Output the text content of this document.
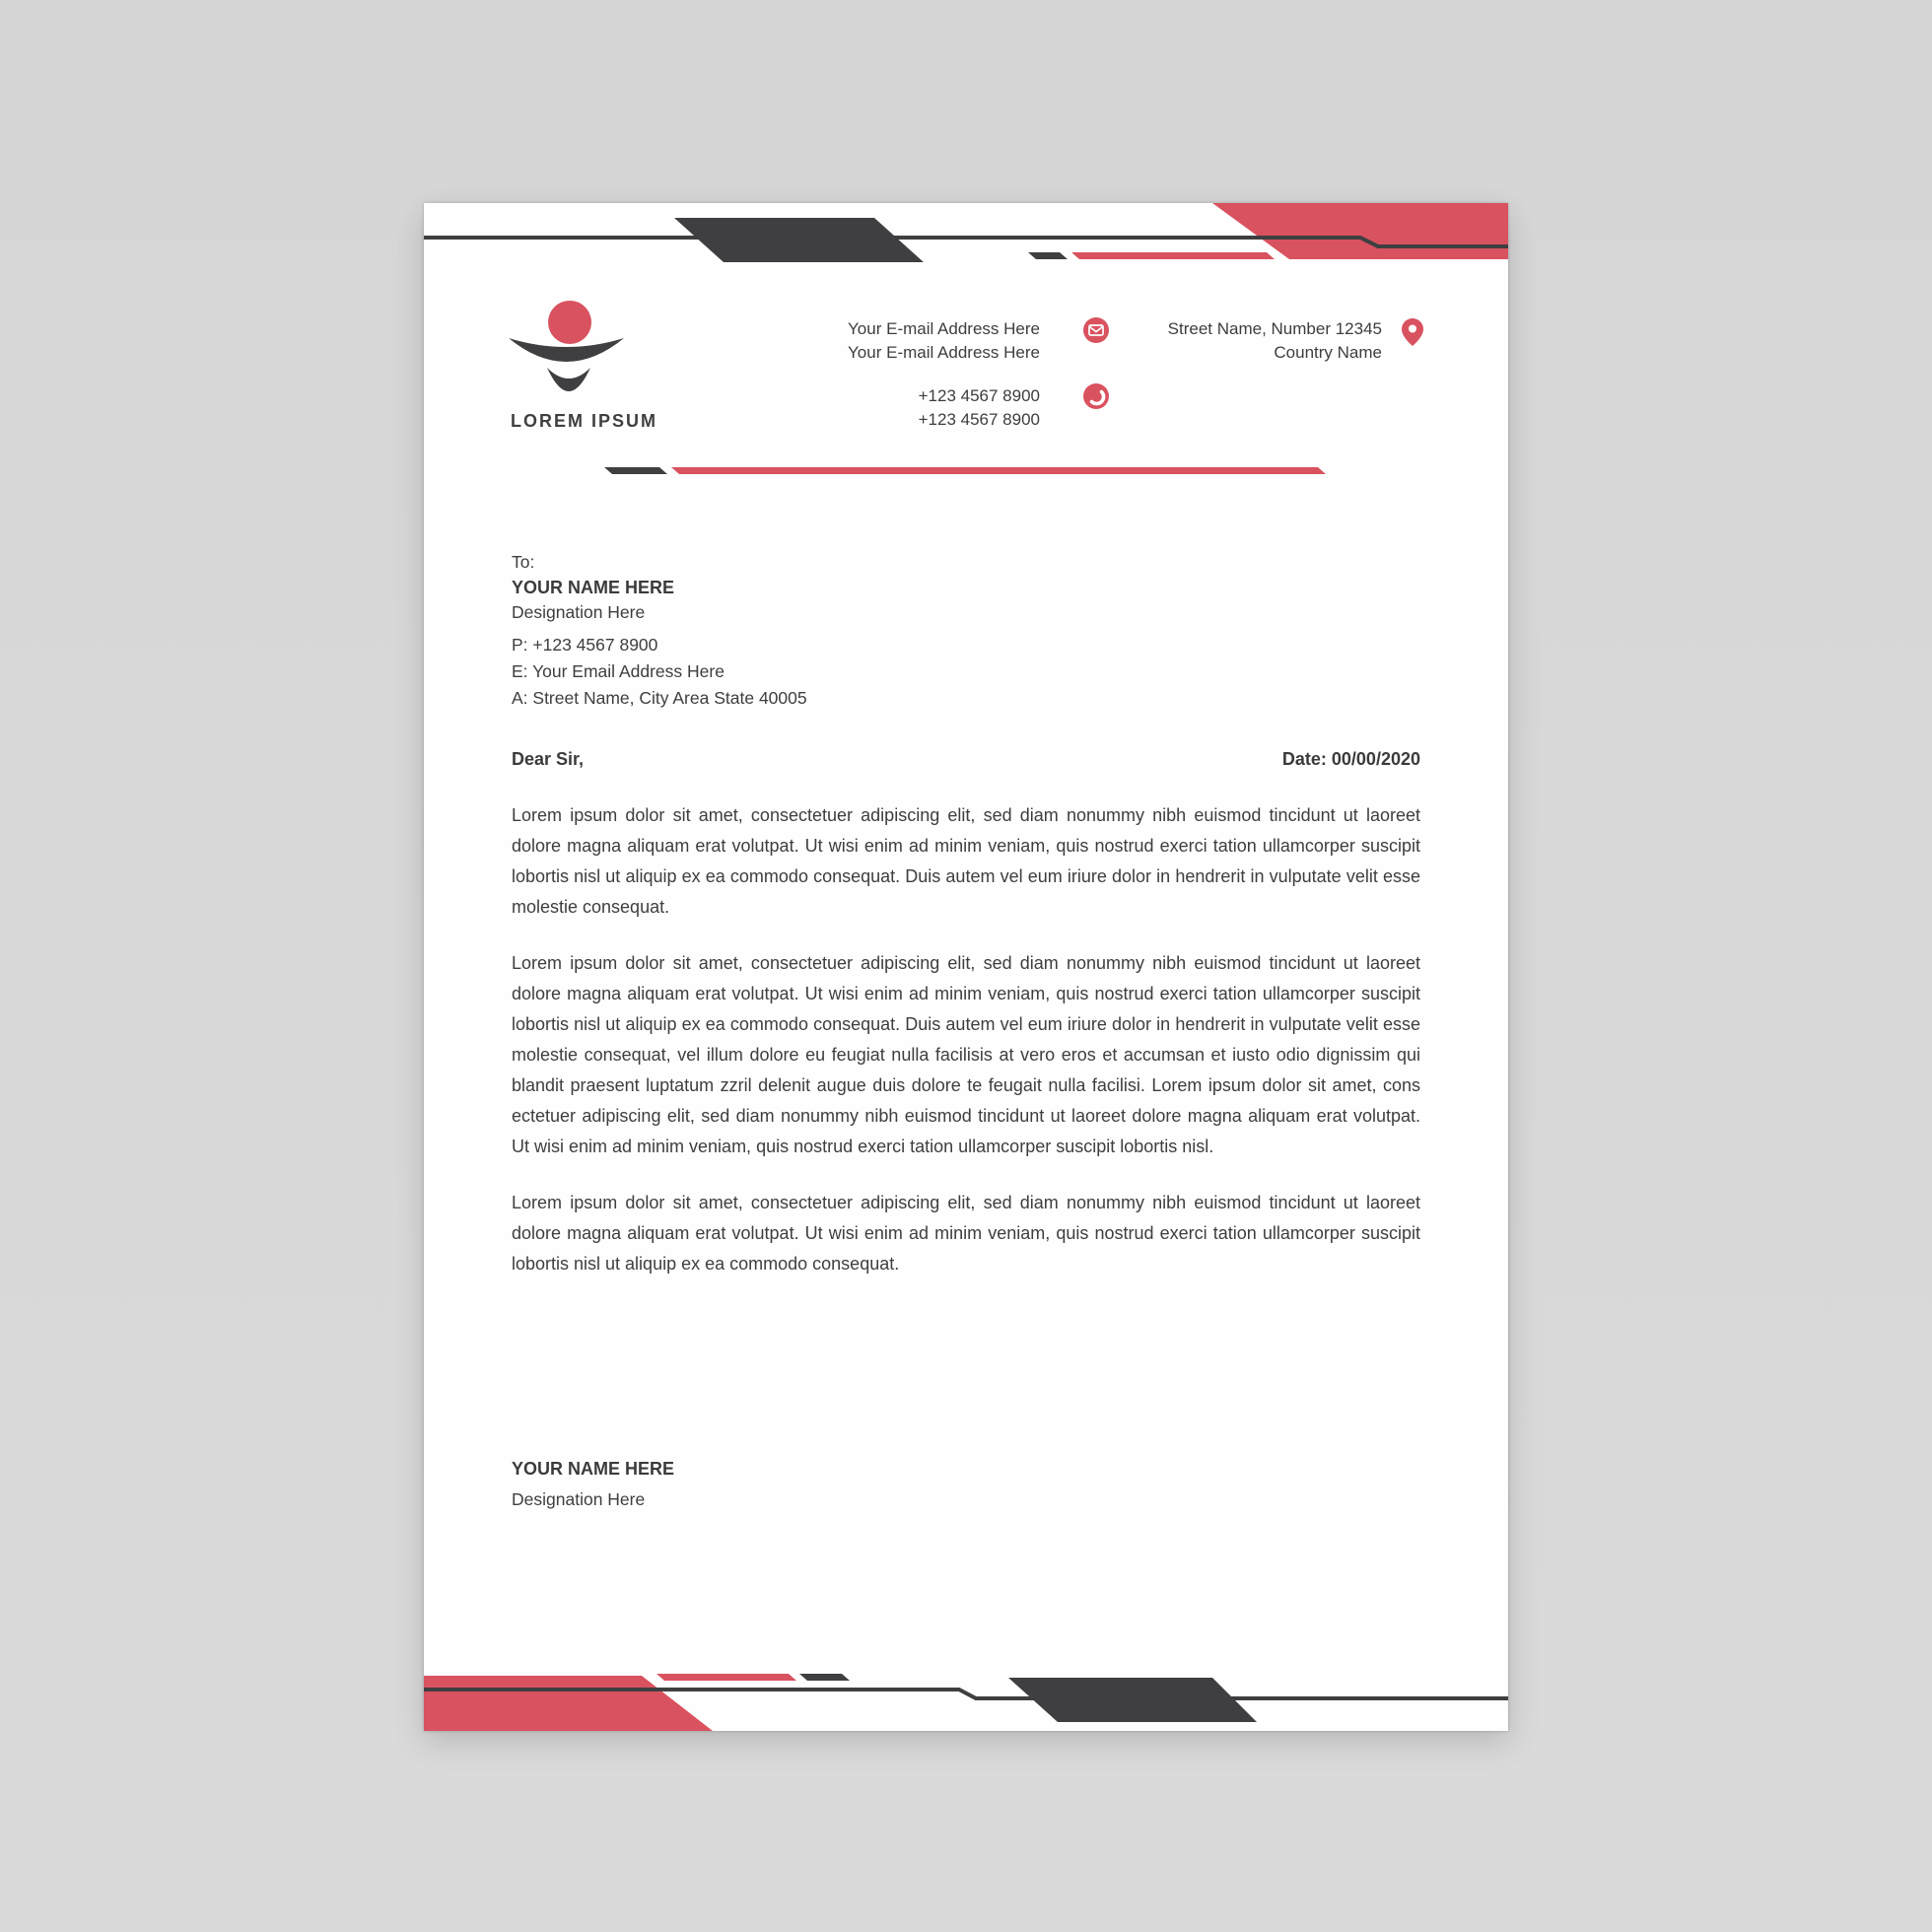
LOREM IPSUM
Your E-mail Address Here
Your E-mail Address Here
+123 4567 8900
+123 4567 8900
Street Name, Number 12345
Country Name
To:
YOUR NAME HERE
Designation Here
P: +123 4567 8900
E: Your Email Address Here
A: Street Name, City Area State 40005
Dear Sir,	Date: 00/00/2020

Lorem ipsum dolor sit amet, consectetuer adipiscing elit, sed diam nonummy nibh euismod tincidunt ut laoreet dolore magna aliquam erat volutpat. Ut wisi enim ad minim veniam, quis nostrud exerci tation ullamcorper suscipit lobortis nisl ut aliquip ex ea commodo consequat. Duis autem vel eum iriure dolor in hendrerit in vulputate velit esse molestie consequat.

Lorem ipsum dolor sit amet, consectetuer adipiscing elit, sed diam nonummy nibh euismod tincidunt ut laoreet dolore magna aliquam erat volutpat. Ut wisi enim ad minim veniam, quis nostrud exerci tation ullamcorper suscipit lobortis nisl ut aliquip ex ea commodo consequat. Duis autem vel eum iriure dolor in hendrerit in vulputate velit esse molestie consequat, vel illum dolore eu feugiat nulla facilisis at vero eros et accumsan et iusto odio dignissim qui blandit praesent luptatum zzril delenit augue duis dolore te feugait nulla facilisi. Lorem ipsum dolor sit amet, cons ectetuer adipiscing elit, sed diam nonummy nibh euismod tincidunt ut laoreet dolore magna aliquam erat volutpat. Ut wisi enim ad minim veniam, quis nostrud exerci tation ullamcorper suscipit lobortis nisl.

Lorem ipsum dolor sit amet, consectetuer adipiscing elit, sed diam nonummy nibh euismod tincidunt ut laoreet dolore magna aliquam erat volutpat. Ut wisi enim ad minim veniam, quis nostrud exerci tation ullamcorper suscipit lobortis nisl ut aliquip ex ea commodo consequat.

YOUR NAME HERE
Designation Here
